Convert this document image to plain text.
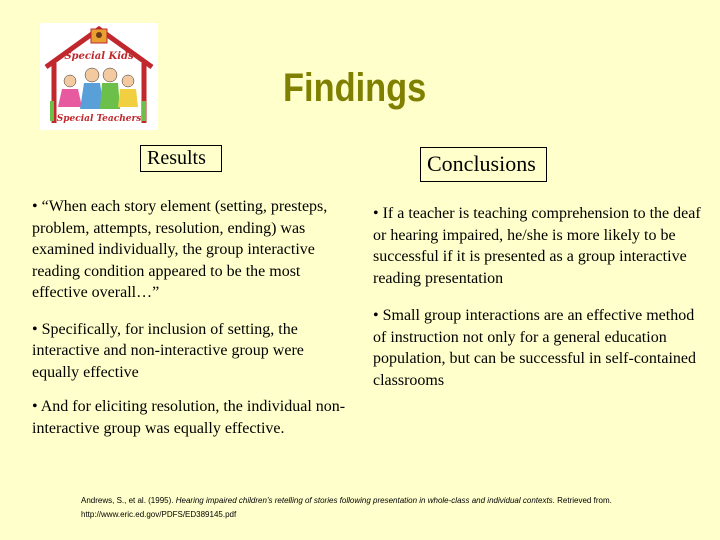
Special Kids
Special Teachers
Findings
Results	Conclusions

• “When each story element (setting, presteps, problem, attempts, resolution, ending) was examined individually, the group interactive reading condition appeared to be the most effective overall…”

• Specifically, for inclusion of setting, the interactive and non-interactive group were equally effective

• And for eliciting resolution, the individual non-interactive group was equally effective.

• If a teacher is teaching comprehension to the deaf or hearing impaired, he/she is more likely to be successful if it is presented as a group interactive reading presentation

• Small group interactions are an effective method of instruction not only for a general education population, but can be successful in self-contained classrooms

Andrews, S., et al. (1995). Hearing impaired children’s retelling of stories following presentation in whole-class and individual contexts. Retrieved from. http://www.eric.ed.gov/PDFS/ED389145.pdf
